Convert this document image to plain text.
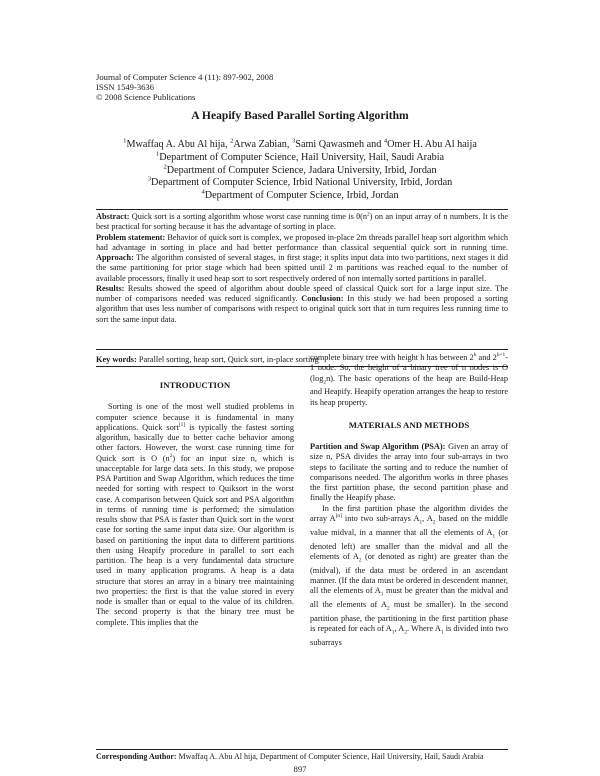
Journal of Computer Science 4 (11): 897-902, 2008
ISSN 1549-3636
© 2008 Science Publications
A Heapify Based Parallel Sorting Algorithm
$^1$Mwaffaq A. Abu Al hija, $^2$Arwa Zabian, $^3$Sami Qawasmeh and $^4$Omer H. Abu Al haija
$^1$Department of Computer Science, Hail University, Hail, Saudi Arabia
$^2$Department of Computer Science, Jadara University, Irbid, Jordan
$^3$Department of Computer Science, Irbid National University, Irbid, Jordan
$^4$Department of Computer Science, Irbid, Jordan
Abstract: Quick sort is a sorting algorithm whose worst case running time is $\theta(n^2)$ on an input array of n numbers. It is the best practical for sorting because it has the advantage of sorting in place.
Problem statement: Behavior of quick sort is complex, we proposed in-place 2m threads parallel heap sort algorithm which had advantage in sorting in place and had better performance than classical sequential quick sort in running time. Approach: The algorithm consisted of several stages, in first stage; it splits input data into two partitions, next stages it did the same partitioning for prior stage which had been spitted until 2 m partitions was reached equal to the number of available processors, finally it used heap sort to sort respectively ordered of non internally sorted partitions in parallel.
Results: Results showed the speed of algorithm about double speed of classical Quick sort for a large input size. The number of comparisons needed was reduced significantly. Conclusion: In this study we had been proposed a sorting algorithm that uses less number of comparisons with respect to original quick sort that in turn requires less running time to sort the same input data.
Key words: Parallel sorting, heap sort, Quick sort, in-place sorting
INTRODUCTION

Sorting is one of the most well studied problems in computer science because it is fundamental in many applications. Quick sort[1] is typically the fastest sorting algorithm, basically due to better cache behavior among other factors. However, the worst case running time for Quick sort is O $(n^2)$ for an input size n, which is unacceptable for large data sets. In this study, we propose PSA Partition and Swap Algorithm, which reduces the time needed for sorting with respect to Quiksort in the worst case. A comparison between Quick sort and PSA algorithm in terms of running time is performed; the simulation results show that PSA is faster than Quick sort in the worst case for sorting the same input data size. Our algorithm is based on partitioning the input data to different partitions then using Heapify procedure in parallel to sort each partition. The heap is a very fundamental data structure used in many application programs. A heap is a data structure that stores an array in a binary tree maintaining two properties: the first is that the value stored in every node is smaller than or equal to the value of its children. The second property is that the binary tree must be complete. This implies that the

complete binary tree with height h has between 2$^h$ and $2^{h+1}-1$ node. So, the height of a binary tree of n nodes is O $(\log_2n)$. The basic operations of the heap are Build-Heap and Heapify. Heapify operation arranges the heap to restore its heap property.

MATERIALS AND METHODS

Partition and Swap Algorithm (PSA): Given an array of size n, PSA divides the array into four sub-arrays in two steps to facilitate the sorting and to reduce the number of comparisons needed. The algorithm works in three phases the first partition phase, the second partition phase and finally the Heapify phase.

In the first partition phase the algorithm divides the array A[n] into two sub-arrays $A_1$, $A_2$ based on the middle value midval, in a manner that all the elements of $A_1$ (or denoted left) are smaller than the midval and all the elements of $A_2$ (or denoted as right) are greater than the (midval), if the data must be ordered in an ascendant manner. (If the data must be ordered in descendent manner, all the elements of $A_1$ must be greater than the midval and all the elements of $A_2$ must be smaller). In the second partition phase, the partitioning in the first partition phase is repeated for each of $A_1$, $A_2$. Where $A_1$ is divided into two subarrays

Corresponding Author: Mwaffaq A. Abu Al hija, Department of Computer Science, Hail University, Hail, Saudi Arabia
897
